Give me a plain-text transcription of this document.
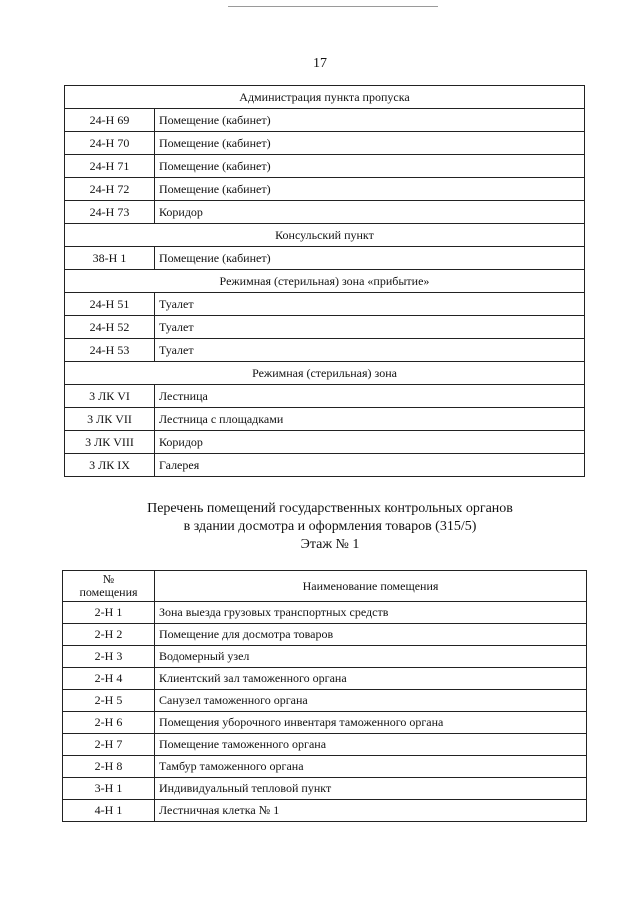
17
Администрация пункта пропуска	
24-Н 69	Помещение (кабинет)
24-Н 70	Помещение (кабинет)
24-Н 71	Помещение (кабинет)
24-Н 72	Помещение (кабинет)
24-Н 73	Коридор
Консульский пункт	
38-Н 1	Помещение (кабинет)
Режимная (стерильная) зона «прибытие»	
24-Н 51	Туалет
24-Н 52	Туалет
24-Н 53	Туалет
Режимная (стерильная) зона	
3 ЛК VI	Лестница
3 ЛК VII	Лестница с площадками
3 ЛК VIII	Коридор
3 ЛК IX	Галерея
Перечень помещений государственных контрольных органов
в здании досмотра и оформления товаров (315/5)
Этаж № 1
№
помещения	Наименование помещения
2-Н 1	Зона выезда грузовых транспортных средств
2-Н 2	Помещение для досмотра товаров
2-Н 3	Водомерный узел
2-Н 4	Клиентский зал таможенного органа
2-Н 5	Санузел таможенного органа
2-Н 6	Помещения уборочного инвентаря таможенного органа
2-Н 7	Помещение таможенного органа
2-Н 8	Тамбур таможенного органа
3-Н 1	Индивидуальный тепловой пункт
4-Н 1	Лестничная клетка № 1
